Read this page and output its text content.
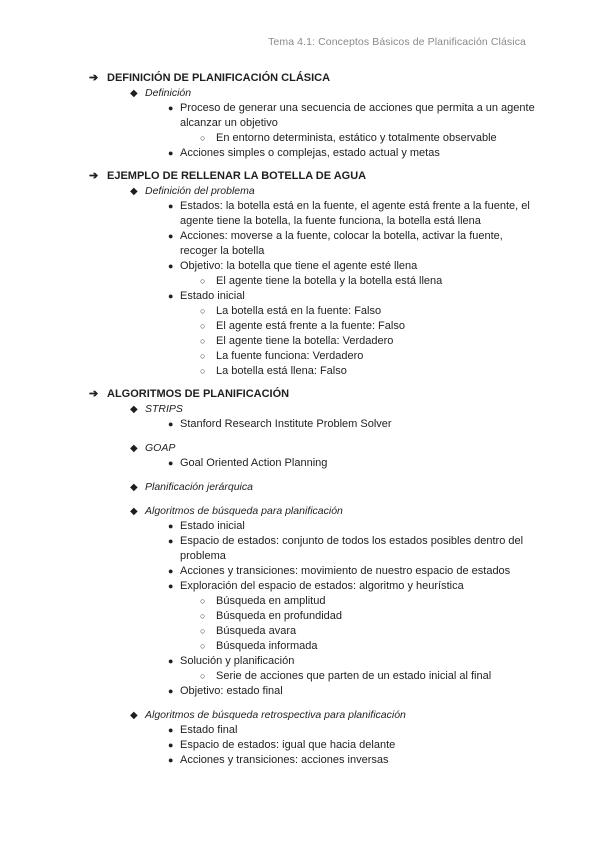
Tema 4.1: Conceptos Básicos de Planificación Clásica
➔ DEFINICIÓN DE PLANIFICACIÓN CLÁSICA
◆ Definición
● Proceso de generar una secuencia de acciones que permita a un agente alcanzar un objetivo
○ En entorno determinista, estático y totalmente observable
● Acciones simples o complejas, estado actual y metas
➔ EJEMPLO DE RELLENAR LA BOTELLA DE AGUA
◆ Definición del problema
● Estados: la botella está en la fuente, el agente está frente a la fuente, el agente tiene la botella, la fuente funciona, la botella está llena
● Acciones: moverse a la fuente, colocar la botella, activar la fuente, recoger la botella
● Objetivo: la botella que tiene el agente esté llena
○ El agente tiene la botella y la botella está llena
● Estado inicial
○ La botella está en la fuente: Falso
○ El agente está frente a la fuente: Falso
○ El agente tiene la botella: Verdadero
○ La fuente funciona: Verdadero
○ La botella está llena: Falso
➔ ALGORITMOS DE PLANIFICACIÓN
◆ STRIPS
● Stanford Research Institute Problem Solver
◆ GOAP
● Goal Oriented Action Planning
◆ Planificación jerárquica
◆ Algoritmos de búsqueda para planificación
● Estado inicial
● Espacio de estados: conjunto de todos los estados posibles dentro del problema
● Acciones y transiciones: movimiento de nuestro espacio de estados
● Exploración del espacio de estados: algoritmo y heurística
○ Búsqueda en amplitud
○ Búsqueda en profundidad
○ Búsqueda avara
○ Búsqueda informada
● Solución y planificación
○ Serie de acciones que parten de un estado inicial al final
● Objetivo: estado final
◆ Algoritmos de búsqueda retrospectiva para planificación
● Estado final
● Espacio de estados: igual que hacia delante
● Acciones y transiciones: acciones inversas
